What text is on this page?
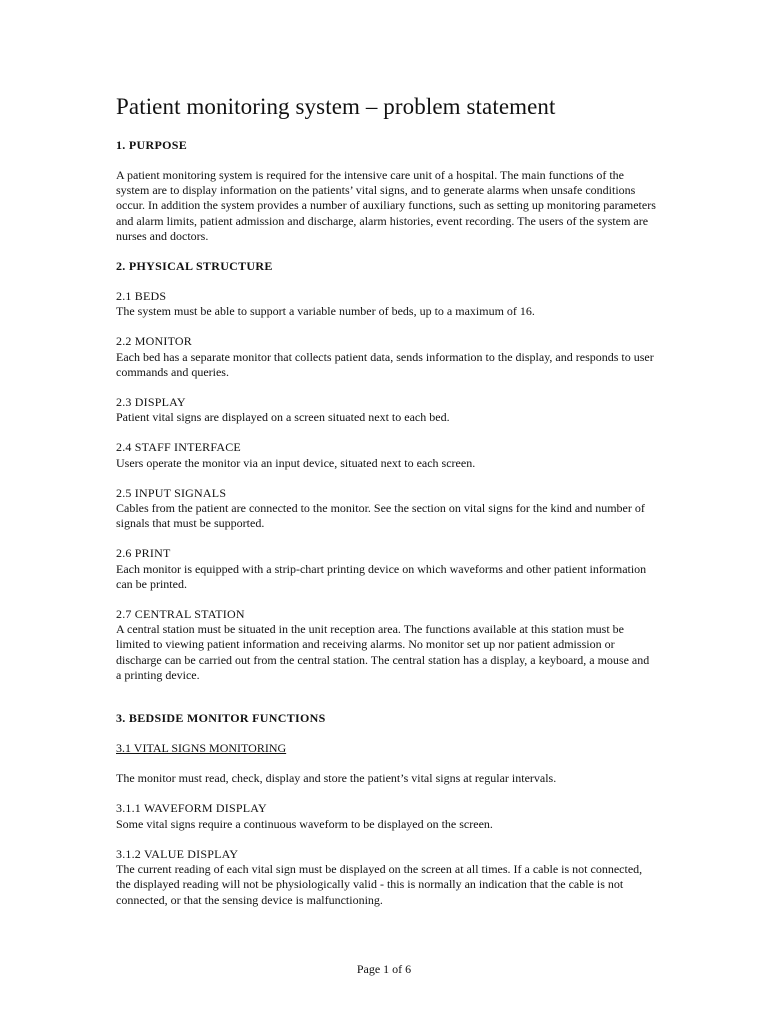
Patient monitoring system – problem statement
1. PURPOSE

A patient monitoring system is required for the intensive care unit of a hospital. The main functions of the system are to display information on the patients’ vital signs, and to generate alarms when unsafe conditions occur. In addition the system provides a number of auxiliary functions, such as setting up monitoring parameters and alarm limits, patient admission and discharge, alarm histories, event recording. The users of the system are nurses and doctors.

2. PHYSICAL STRUCTURE

2.1 BEDS

The system must be able to support a variable number of beds, up to a maximum of 16.

2.2 MONITOR

Each bed has a separate monitor that collects patient data, sends information to the display, and responds to user commands and queries.

2.3 DISPLAY

Patient vital signs are displayed on a screen situated next to each bed.

2.4 STAFF INTERFACE

Users operate the monitor via an input device, situated next to each screen.

2.5 INPUT SIGNALS

Cables from the patient are connected to the monitor. See the section on vital signs for the kind and number of signals that must be supported.

2.6 PRINT

Each monitor is equipped with a strip-chart printing device on which waveforms and other patient information can be printed.

2.7 CENTRAL STATION

A central station must be situated in the unit reception area. The functions available at this station must be limited to viewing patient information and receiving alarms. No monitor set up nor patient admission or discharge can be carried out from the central station. The central station has a display, a keyboard, a mouse and a printing device.

3. BEDSIDE MONITOR FUNCTIONS

3.1 VITAL SIGNS MONITORING

The monitor must read, check, display and store the patient’s vital signs at regular intervals.

3.1.1 WAVEFORM DISPLAY

Some vital signs require a continuous waveform to be displayed on the screen.

3.1.2 VALUE DISPLAY

The current reading of each vital sign must be displayed on the screen at all times. If a cable is not connected, the displayed reading will not be physiologically valid - this is normally an indication that the cable is not connected, or that the sensing device is malfunctioning.

Page 1 of 6
